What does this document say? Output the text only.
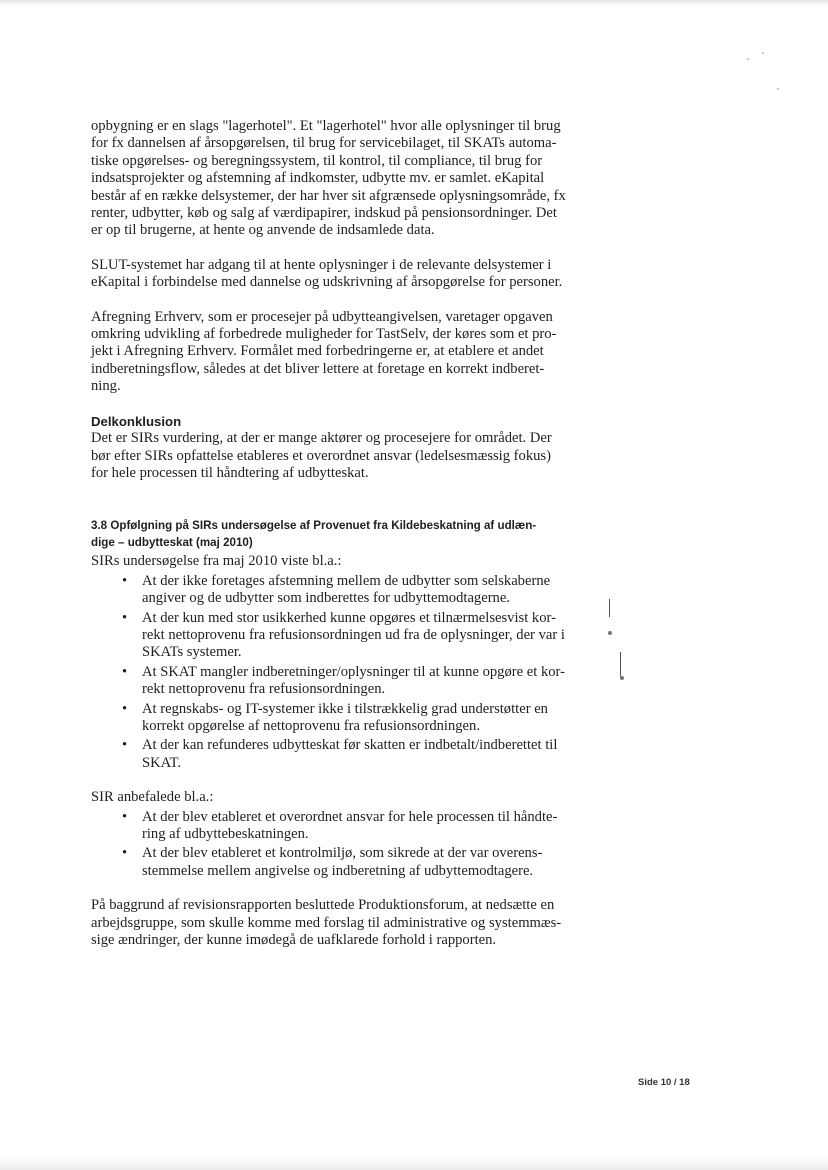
opbygning er en slags "lagerhotel". Et "lagerhotel" hvor alle oplysninger til brug
for fx dannelsen af årsopgørelsen, til brug for servicebilaget, til SKATs automa-
tiske opgørelses- og beregningssystem, til kontrol, til compliance, til brug for
indsatsprojekter og afstemning af indkomster, udbytte mv. er samlet. eKapital
består af en række delsystemer, der har hver sit afgrænsede oplysningsområde, fx
renter, udbytter, køb og salg af værdipapirer, indskud på pensionsordninger. Det
er op til brugerne, at hente og anvende de indsamlede data.
SLUT-systemet har adgang til at hente oplysninger i de relevante delsystemer i
eKapital i forbindelse med dannelse og udskrivning af årsopgørelse for personer.
Afregning Erhverv, som er procesejer på udbytteangivelsen, varetager opgaven
omkring udvikling af forbedrede muligheder for TastSelv, der køres som et pro-
jekt i Afregning Erhverv. Formålet med forbedringerne er, at etablere et andet
indberetningsflow, således at det bliver lettere at foretage en korrekt indberet-
ning.
Delkonklusion
Det er SIRs vurdering, at der er mange aktører og procesejere for området. Der
bør efter SIRs opfattelse etableres et overordnet ansvar (ledelsesmæssig fokus)
for hele processen til håndtering af udbytteskat.
3.8 Opfølgning på SIRs undersøgelse af Provenuet fra Kildebeskatning af udlæn-
dige – udbytteskat (maj 2010)
SIRs undersøgelse fra maj 2010 viste bl.a.:
• At der ikke foretages afstemning mellem de udbytter som selskaberne
angiver og de udbytter som indberettes for udbyttemodtagerne.
• At der kun med stor usikkerhed kunne opgøres et tilnærmelsesvist kor-
rekt nettoprovenu fra refusionsordningen ud fra de oplysninger, der var i
SKATs systemer.
• At SKAT mangler indberetninger/oplysninger til at kunne opgøre et kor-
rekt nettoprovenu fra refusionsordningen.
• At regnskabs- og IT-systemer ikke i tilstrækkelig grad understøtter en
korrekt opgørelse af nettoprovenu fra refusionsordningen.
• At der kan refunderes udbytteskat før skatten er indbetalt/indberettet til
SKAT.
SIR anbefalede bl.a.:
• At der blev etableret et overordnet ansvar for hele processen til håndte-
ring af udbyttebeskatningen.
• At der blev etableret et kontrolmiljø, som sikrede at der var overens-
stemmelse mellem angivelse og indberetning af udbyttemodtagere.
På baggrund af revisionsrapporten besluttede Produktionsforum, at nedsætte en
arbejdsgruppe, som skulle komme med forslag til administrative og systemmæs-
sige ændringer, der kunne imødegå de uafklarede forhold i rapporten.
Side 10 / 18
